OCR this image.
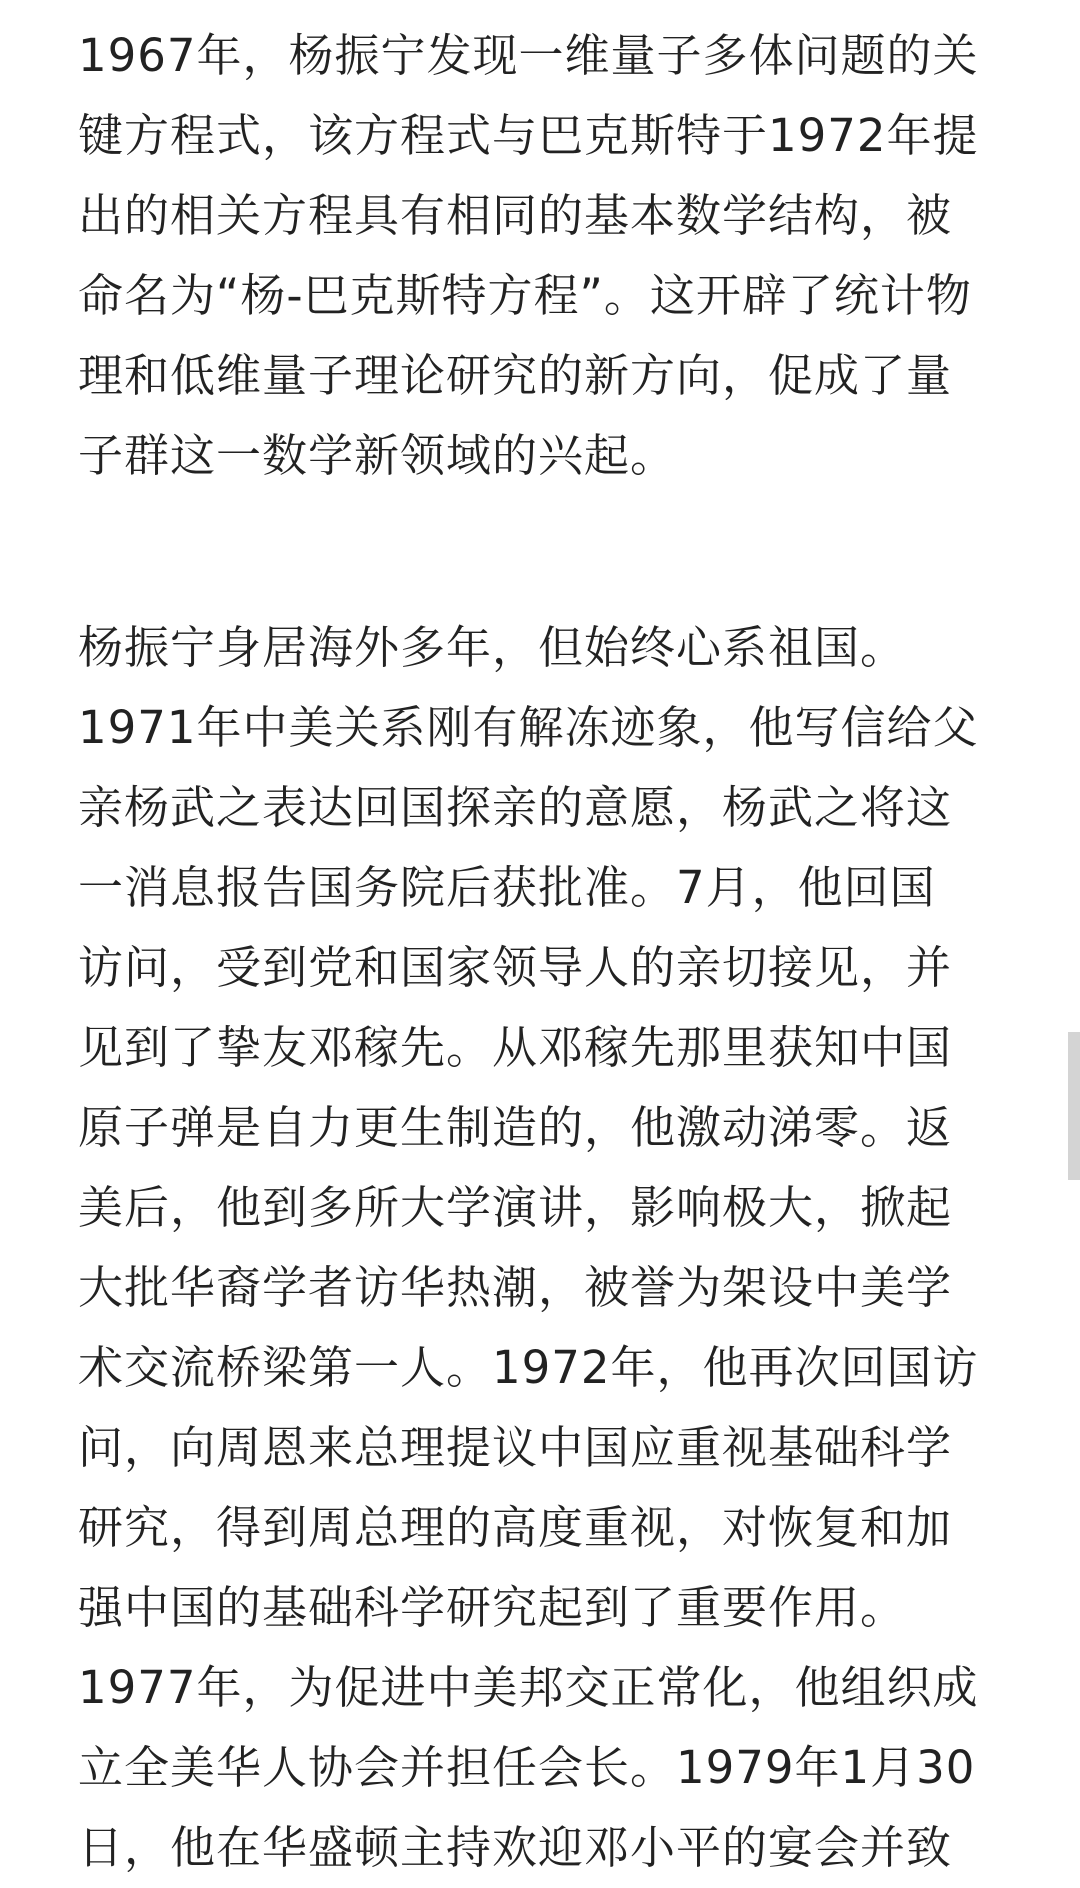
1967年，杨振宁发现一维量子多体问题的关
键方程式，该方程式与巴克斯特于1972年提
出的相关方程具有相同的基本数学结构，被
命名为“杨-巴克斯特方程”。这开辟了统计物
理和低维量子理论研究的新方向，促成了量
子群这一数学新领域的兴起。
杨振宁身居海外多年，但始终心系祖国。
1971年中美关系刚有解冻迹象，他写信给父
亲杨武之表达回国探亲的意愿，杨武之将这
一消息报告国务院后获批准。7月，他回国
访问，受到党和国家领导人的亲切接见，并
见到了挚友邓稼先。从邓稼先那里获知中国
原子弹是自力更生制造的，他激动涕零。返
美后，他到多所大学演讲，影响极大，掀起
大批华裔学者访华热潮，被誉为架设中美学
术交流桥梁第一人。1972年，他再次回国访
问，向周恩来总理提议中国应重视基础科学
研究，得到周总理的高度重视，对恢复和加
强中国的基础科学研究起到了重要作用。
1977年，为促进中美邦交正常化，他组织成
立全美华人协会并担任会长。1979年1月30
日，他在华盛顿主持欢迎邓小平的宴会并致
